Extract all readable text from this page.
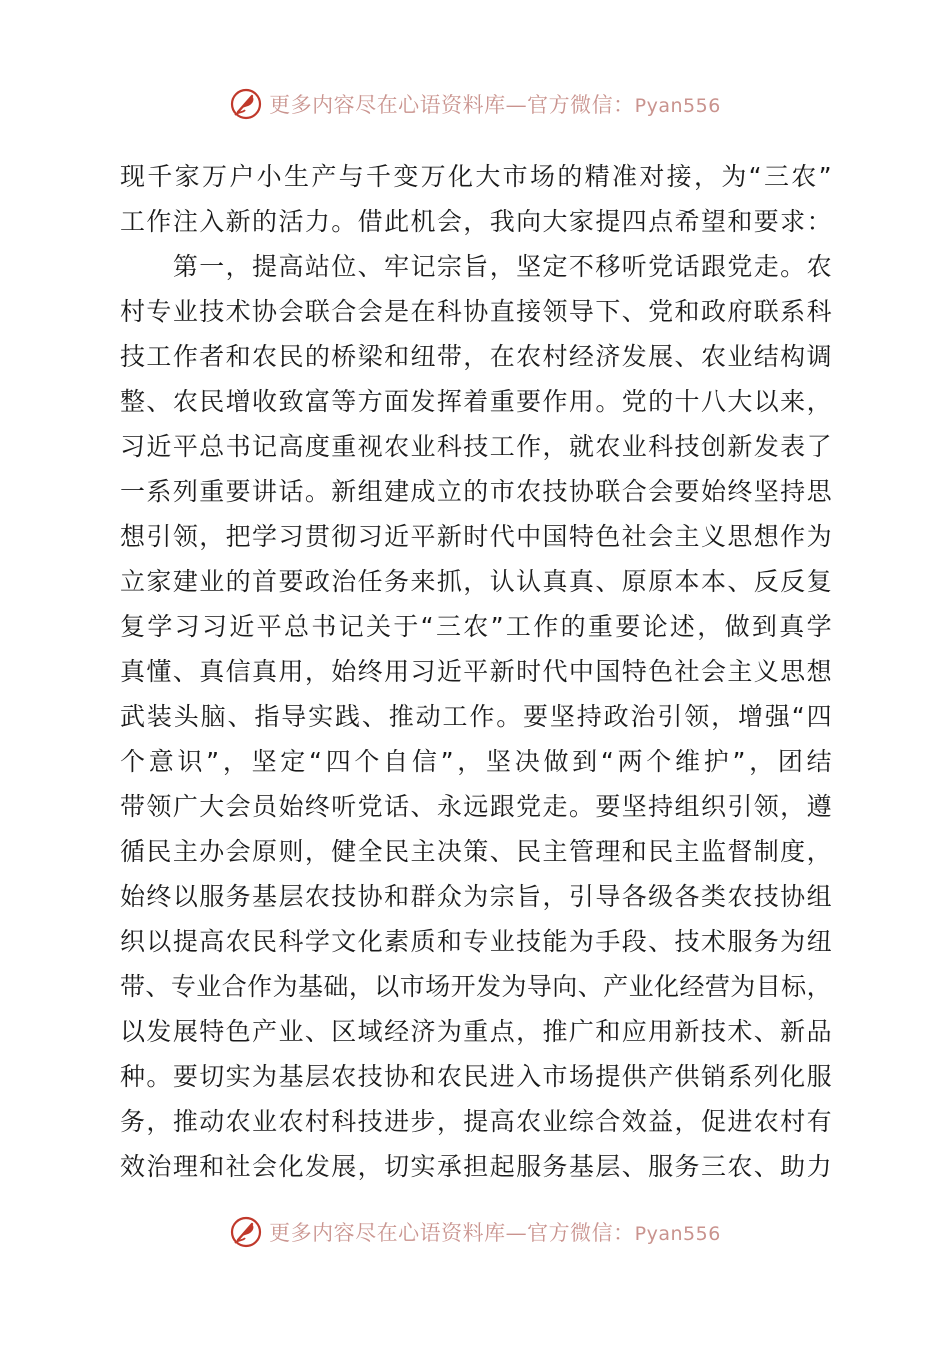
更多内容尽在心语资料库—官方微信：Pyan556
现千家万户小生产与千变万化大市场的精准对接，为“三农”
工作注入新的活力。借此机会，我向大家提四点希望和要求：
　　第一，提高站位、牢记宗旨，坚定不移听党话跟党走。农
村专业技术协会联合会是在科协直接领导下、党和政府联系科
技工作者和农民的桥梁和纽带，在农村经济发展、农业结构调
整、农民增收致富等方面发挥着重要作用。党的十八大以来，
习近平总书记高度重视农业科技工作，就农业科技创新发表了
一系列重要讲话。新组建成立的市农技协联合会要始终坚持思
想引领，把学习贯彻习近平新时代中国特色社会主义思想作为
立家建业的首要政治任务来抓，认认真真、原原本本、反反复
复学习习近平总书记关于“三农”工作的重要论述，做到真学
真懂、真信真用，始终用习近平新时代中国特色社会主义思想
武装头脑、指导实践、推动工作。要坚持政治引领，增强“四
个意识”，坚定“四个自信”，坚决做到“两个维护”，团结
带领广大会员始终听党话、永远跟党走。要坚持组织引领，遵
循民主办会原则，健全民主决策、民主管理和民主监督制度，
始终以服务基层农技协和群众为宗旨，引导各级各类农技协组
织以提高农民科学文化素质和专业技能为手段、技术服务为纽
带、专业合作为基础，以市场开发为导向、产业化经营为目标，
以发展特色产业、区域经济为重点，推广和应用新技术、新品
种。要切实为基层农技协和农民进入市场提供产供销系列化服
务，推动农业农村科技进步，提高农业综合效益，促进农村有
效治理和社会化发展，切实承担起服务基层、服务三农、助力
更多内容尽在心语资料库—官方微信：Pyan556
